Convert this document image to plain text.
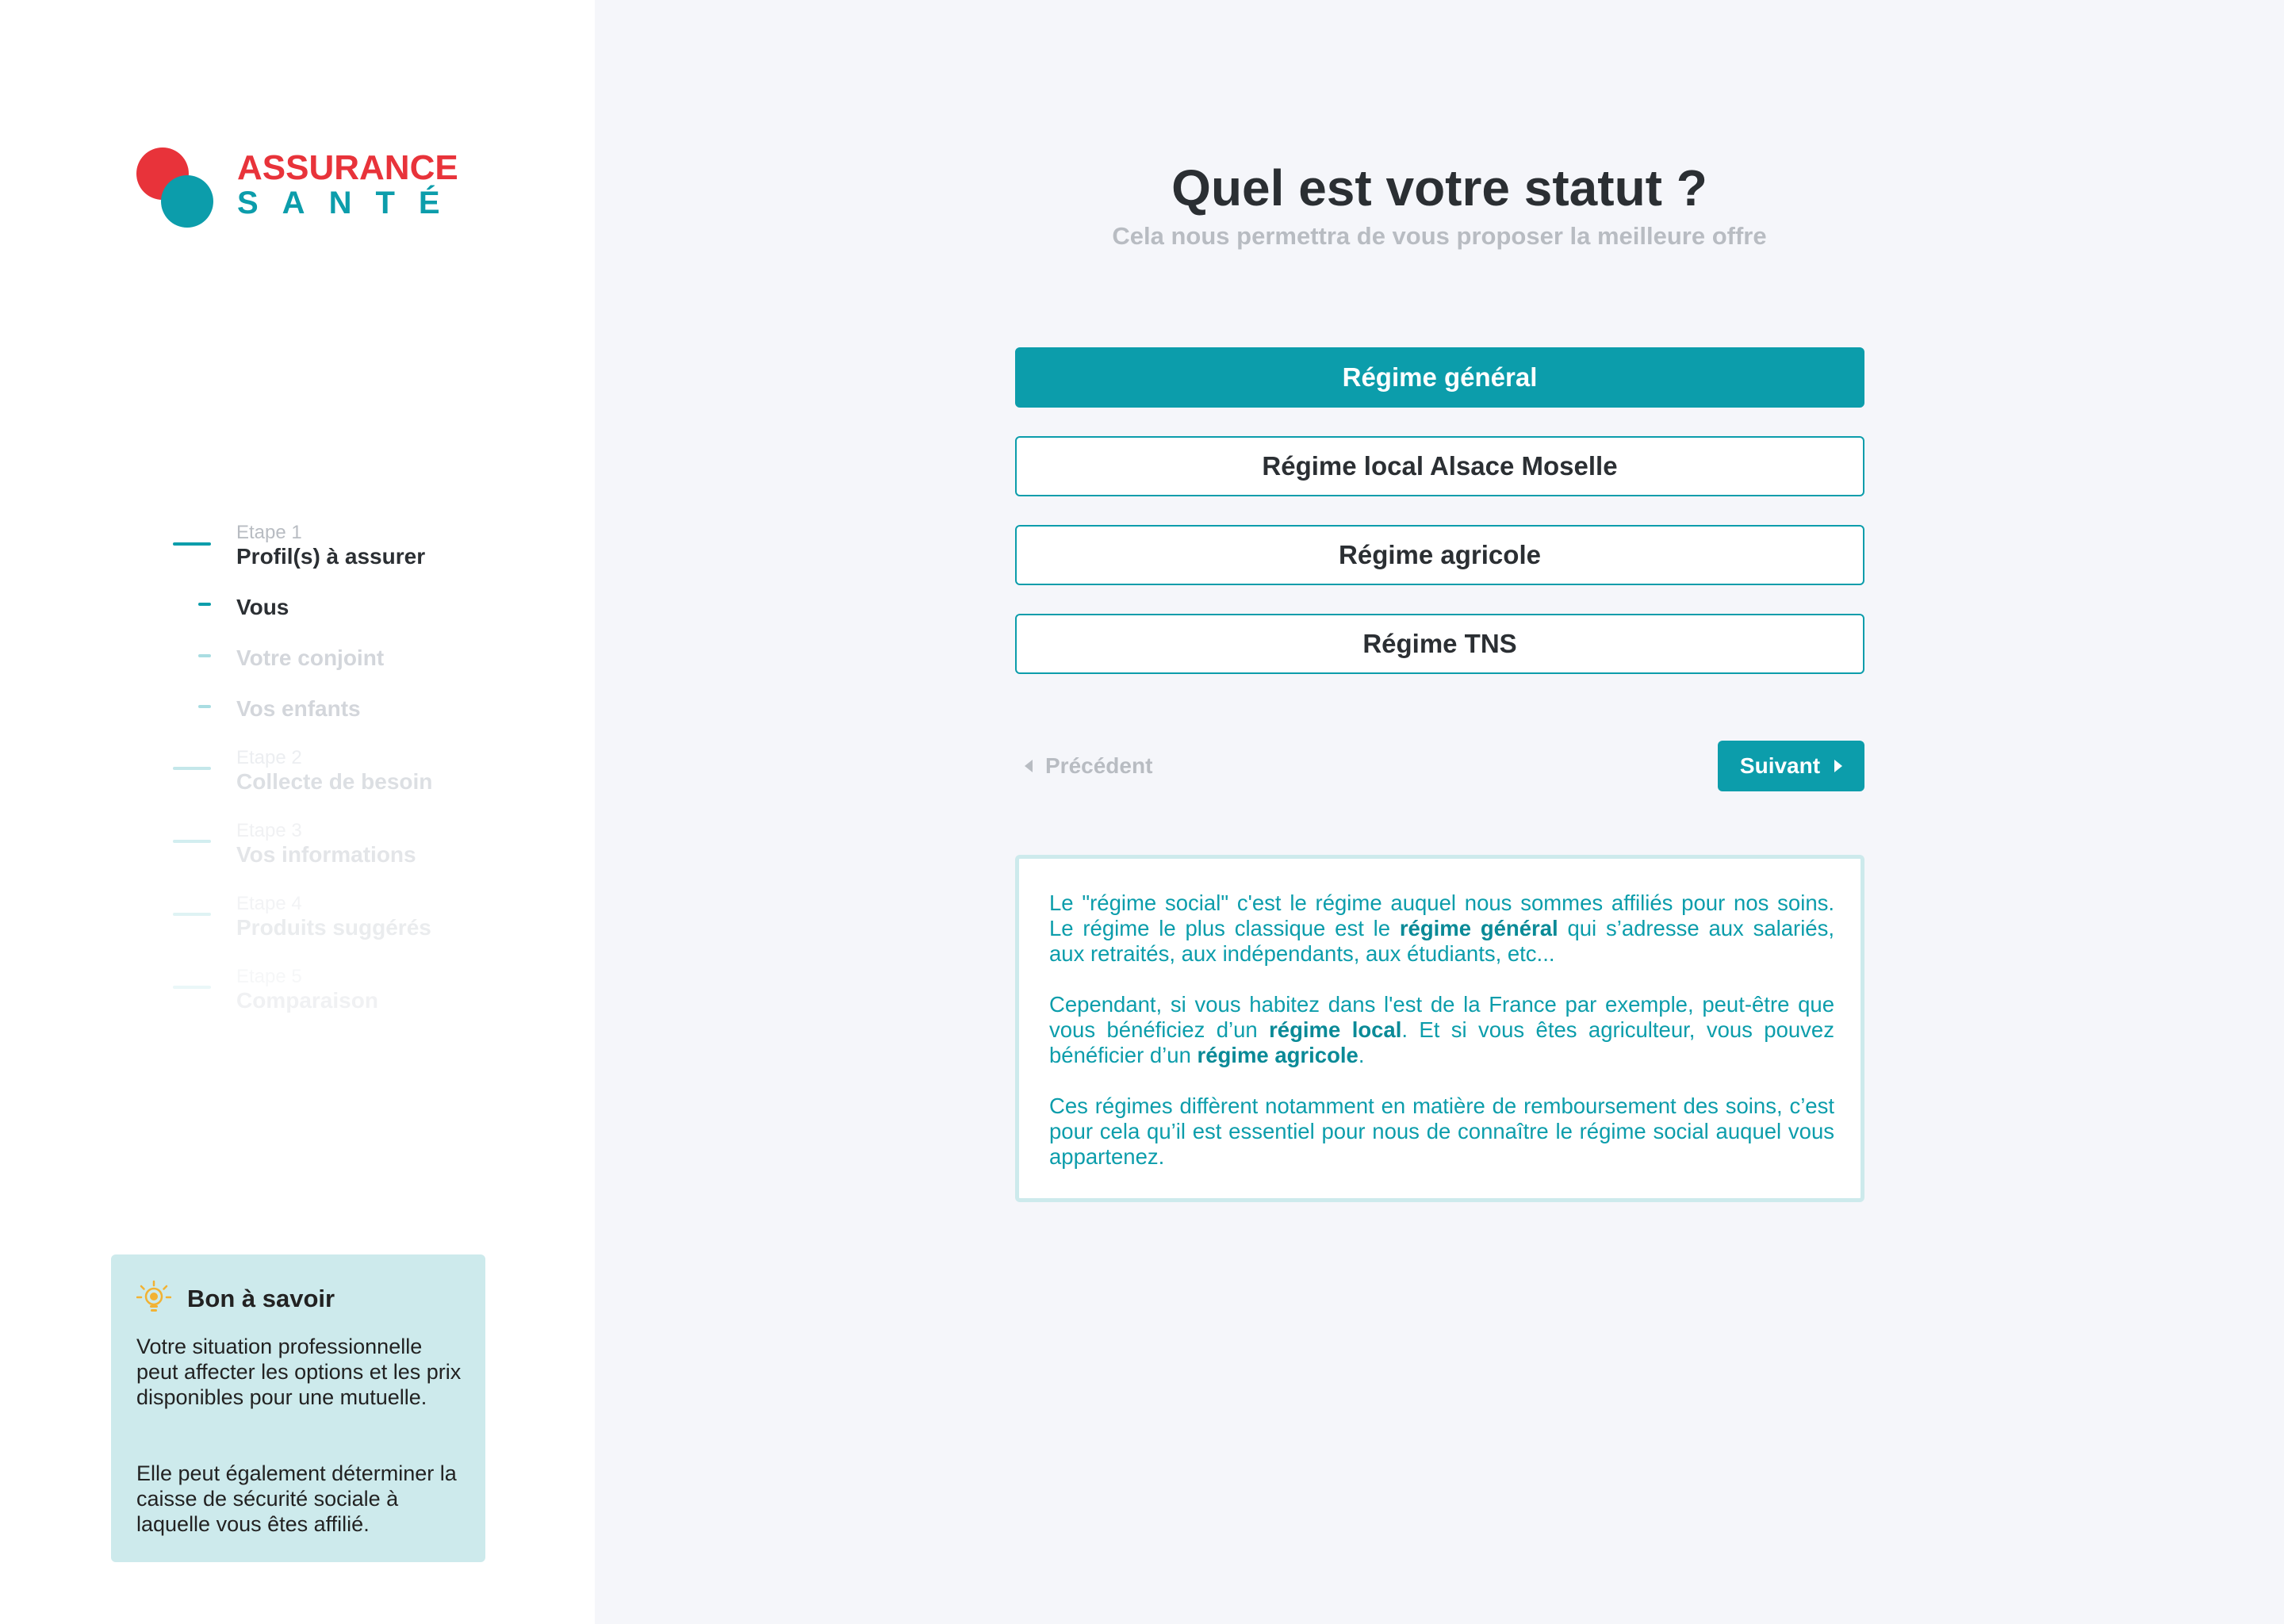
ASSURANCE
SANTÉ
Etape 1
Profil(s) à assurer
Vous
Votre conjoint
Vos enfants
Etape 2
Collecte de besoin
Etape 3
Vos informations
Etape 4
Produits suggérés
Etape 5
Comparaison
Bon à savoir
Votre situation professionnelle peut affecter les options et les prix disponibles pour une mutuelle.
Elle peut également déterminer la caisse de sécurité sociale à laquelle vous êtes affilié.
Quel est votre statut ?
Cela nous permettra de vous proposer la meilleure offre
Régime général
Régime local Alsace Moselle
Régime agricole
Régime TNS
Précédent	Suivant

Le "régime social" c'est le régime auquel nous sommes affiliés pour nos soins. Le régime le plus classique est le régime général qui s’adresse aux salariés, aux retraités, aux indépendants, aux étudiants, etc...

Cependant, si vous habitez dans l'est de la France par exemple, peut-être que vous bénéficiez d’un régime local. Et si vous êtes agriculteur, vous pouvez bénéficier d’un régime agricole.

Ces régimes diffèrent notamment en matière de remboursement des soins, c’est pour cela qu’il est essentiel pour nous de connaître le régime social auquel vous appartenez.
